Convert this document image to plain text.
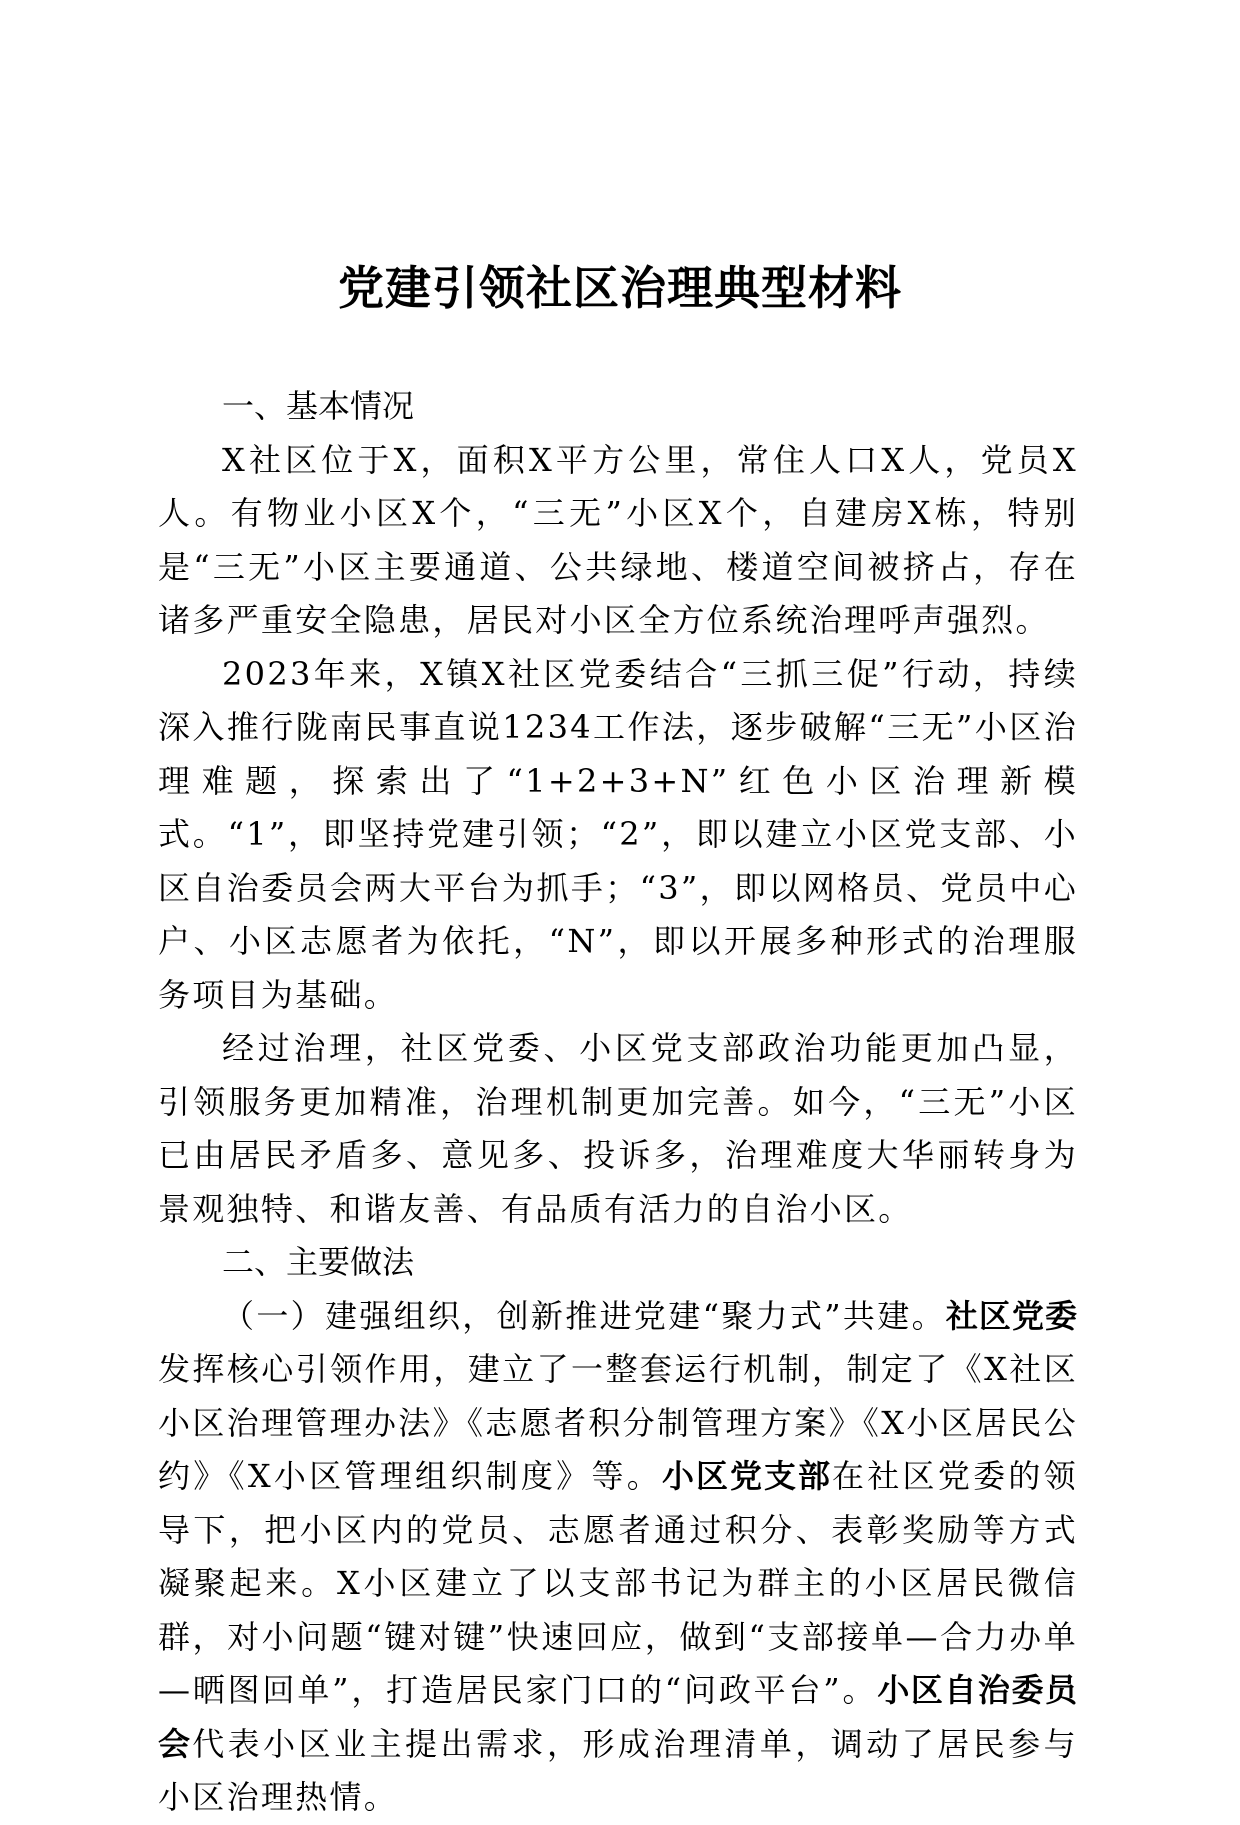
党建引领社区治理典型材料
一、基本情况

X社区位于X，面积X平方公里，常住人口X人，党员X人。有物业小区X个，“三无”小区X个，自建房X栋，特别是“三无”小区主要通道、公共绿地、楼道空间被挤占，存在诸多严重安全隐患，居民对小区全方位系统治理呼声强烈。

2023年来，X镇X社区党委结合“三抓三促”行动，持续深入推行陇南民事直说1234工作法，逐步破解“三无”小区治理难题，探索出了“1+2+3+N”红色小区治理新模式。“1”，即坚持党建引领；“2”，即以建立小区党支部、小区自治委员会两大平台为抓手；“3”，即以网格员、党员中心户、小区志愿者为依托，“N”，即以开展多种形式的治理服务项目为基础。

经过治理，社区党委、小区党支部政治功能更加凸显，引领服务更加精准，治理机制更加完善。如今，“三无”小区已由居民矛盾多、意见多、投诉多，治理难度大华丽转身为景观独特、和谐友善、有品质有活力的自治小区。

二、主要做法

（一）建强组织，创新推进党建“聚力式”共建。社区党委发挥核心引领作用，建立了一整套运行机制，制定了《X社区小区治理管理办法》《志愿者积分制管理方案》《X小区居民公约》《X小区管理组织制度》等。小区党支部在社区党委的领导下，把小区内的党员、志愿者通过积分、表彰奖励等方式凝聚起来。X小区建立了以支部书记为群主的小区居民微信群，对小问题“键对键”快速回应，做到“支部接单—合力办单—晒图回单”，打造居民家门口的“问政平台”。小区自治委员会代表小区业主提出需求，形成治理清单，调动了居民参与小区治理热情。
